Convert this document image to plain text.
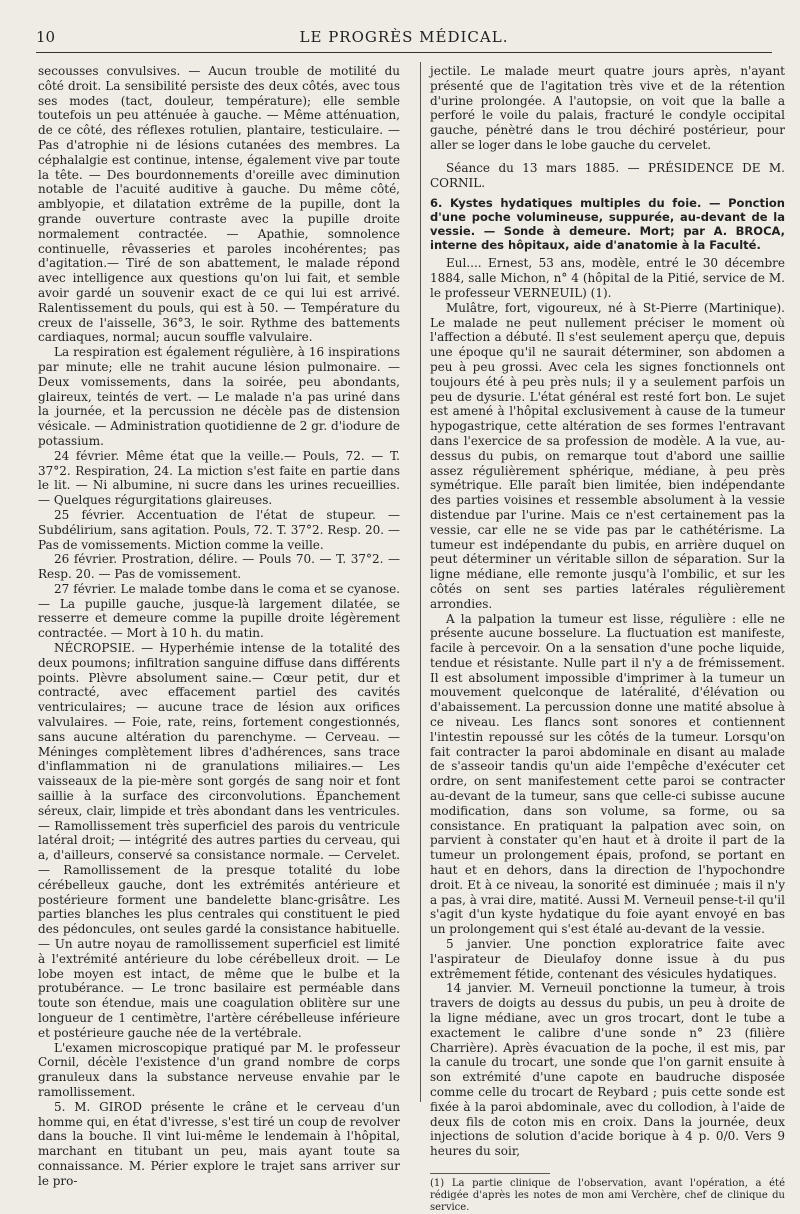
10	LE PROGRÈS MÉDICAL.

secousses convulsives. — Aucun trouble de motilité du côté droit. La sensibilité persiste des deux côtés, avec tous ses modes (tact, douleur, température); elle semble toutefois un peu atténuée à gauche. — Même atténuation, de ce côté, des réflexes rotulien, plantaire, testiculaire. — Pas d'atrophie ni de lésions cutanées des membres. La céphalalgie est continue, intense, également vive par toute la tête. — Des bourdonnements d'oreille avec diminution notable de l'acuité auditive à gauche. Du même côté, amblyopie, et dilatation extrême de la pupille, dont la grande ouverture contraste avec la pupille droite normalement contractée. — Apathie, somnolence continuelle, rêvasseries et paroles incohérentes; pas d'agitation.— Tiré de son abattement, le malade répond avec intelligence aux questions qu'on lui fait, et semble avoir gardé un souvenir exact de ce qui lui est arrivé. Ralentissement du pouls, qui est à 50. — Température du creux de l'aisselle, 36°3, le soir. Rythme des battements cardiaques, normal; aucun souffle valvulaire.

La respiration est également régulière, à 16 inspirations par minute; elle ne trahit aucune lésion pulmonaire. — Deux vomissements, dans la soirée, peu abondants, glaireux, teintés de vert. — Le malade n'a pas uriné dans la journée, et la percussion ne décèle pas de distension vésicale. — Administration quotidienne de 2 gr. d'iodure de potassium.

24 février. Même état que la veille.— Pouls, 72. — T. 37°2. Respiration, 24. La miction s'est faite en partie dans le lit. — Ni albumine, ni sucre dans les urines recueillies. — Quelques régurgitations glaireuses.

25 février. Accentuation de l'état de stupeur. — Subdélirium, sans agitation. Pouls, 72. T. 37°2. Resp. 20. — Pas de vomissements. Miction comme la veille.

26 février. Prostration, délire. — Pouls 70. — T. 37°2. — Resp. 20. — Pas de vomissement.

27 février. Le malade tombe dans le coma et se cyanose. — La pupille gauche, jusque-là largement dilatée, se resserre et demeure comme la pupille droite légèrement contractée. — Mort à 10 h. du matin.

NÉCROPSIE. — Hyperhémie intense de la totalité des deux poumons; infiltration sanguine diffuse dans différents points. Plèvre absolument saine.— Cœur petit, dur et contracté, avec effacement partiel des cavités ventriculaires; — aucune trace de lésion aux orifices valvulaires. — Foie, rate, reins, fortement congestionnés, sans aucune altération du parenchyme. — Cerveau. — Méninges complètement libres d'adhérences, sans trace d'inflammation ni de granulations miliaires.— Les vaisseaux de la pie-mère sont gorgés de sang noir et font saillie à la surface des circonvolutions. Épanchement séreux, clair, limpide et très abondant dans les ventricules. — Ramollissement très superficiel des parois du ventricule latéral droit; — intégrité des autres parties du cerveau, qui a, d'ailleurs, conservé sa consistance normale. — Cervelet.— Ramollissement de la presque totalité du lobe cérébelleux gauche, dont les extrémités antérieure et postérieure forment une bandelette blanc-grisâtre. Les parties blanches les plus centrales qui constituent le pied des pédoncules, ont seules gardé la consistance habituelle. — Un autre noyau de ramollissement superficiel est limité à l'extrémité antérieure du lobe cérébelleux droit. — Le lobe moyen est intact, de même que le bulbe et la protubérance. — Le tronc basilaire est perméable dans toute son étendue, mais une coagulation oblitère sur une longueur de 1 centimètre, l'artère cérébelleuse inférieure et postérieure gauche née de la vertébrale.

L'examen microscopique pratiqué par M. le professeur Cornil, décèle l'existence d'un grand nombre de corps granuleux dans la substance nerveuse envahie par le ramollissement.

5. M. GIROD présente le crâne et le cerveau d'un homme qui, en état d'ivresse, s'est tiré un coup de revolver dans la bouche. Il vint lui-même le lendemain à l'hôpital, marchant en titubant un peu, mais ayant toute sa connaissance. M. Périer explore le trajet sans arriver sur le pro-

jectile. Le malade meurt quatre jours après, n'ayant présenté que de l'agitation très vive et de la rétention d'urine prolongée. A l'autopsie, on voit que la balle a perforé le voile du palais, fracturé le condyle occipital gauche, pénètré dans le trou déchiré postérieur, pour aller se loger dans le lobe gauche du cervelet.

Séance du 13 mars 1885. — PRÉSIDENCE DE M. CORNIL.

6. Kystes hydatiques multiples du foie. — Ponction d'une poche volumineuse, suppurée, au-devant de la vessie. — Sonde à demeure. Mort; par A. BROCA, interne des hôpitaux, aide d'anatomie à la Faculté.

Eul.... Ernest, 53 ans, modèle, entré le 30 décembre 1884, salle Michon, n° 4 (hôpital de la Pitié, service de M. le professeur VERNEUIL) (1).

Mulâtre, fort, vigoureux, né à St-Pierre (Martinique). Le malade ne peut nullement préciser le moment où l'affection a débuté. Il s'est seulement aperçu que, depuis une époque qu'il ne saurait déterminer, son abdomen a peu à peu grossi. Avec cela les signes fonctionnels ont toujours été à peu près nuls; il y a seulement parfois un peu de dysurie. L'état général est resté fort bon. Le sujet est amené à l'hôpital exclusivement à cause de la tumeur hypogastrique, cette altération de ses formes l'entravant dans l'exercice de sa profession de modèle. A la vue, au-dessus du pubis, on remarque tout d'abord une saillie assez régulièrement sphérique, médiane, à peu près symétrique. Elle paraît bien limitée, bien indépendante des parties voisines et ressemble absolument à la vessie distendue par l'urine. Mais ce n'est certainement pas la vessie, car elle ne se vide pas par le cathétérisme. La tumeur est indépendante du pubis, en arrière duquel on peut déterminer un véritable sillon de séparation. Sur la ligne médiane, elle remonte jusqu'à l'ombilic, et sur les côtés on sent ses parties latérales régulièrement arrondies.

A la palpation la tumeur est lisse, régulière : elle ne présente aucune bosselure. La fluctuation est manifeste, facile à percevoir. On a la sensation d'une poche liquide, tendue et résistante. Nulle part il n'y a de frémissement. Il est absolument impossible d'imprimer à la tumeur un mouvement quelconque de latéralité, d'élévation ou d'abaissement. La percussion donne une matité absolue à ce niveau. Les flancs sont sonores et contiennent l'intestin repoussé sur les côtés de la tumeur. Lorsqu'on fait contracter la paroi abdominale en disant au malade de s'asseoir tandis qu'un aide l'empêche d'exécuter cet ordre, on sent manifestement cette paroi se contracter au-devant de la tumeur, sans que celle-ci subisse aucune modification, dans son volume, sa forme, ou sa consistance. En pratiquant la palpation avec soin, on parvient à constater qu'en haut et à droite il part de la tumeur un prolongement épais, profond, se portant en haut et en dehors, dans la direction de l'hypochondre droit. Et à ce niveau, la sonorité est diminuée ; mais il n'y a pas, à vrai dire, matité. Aussi M. Verneuil pense-t-il qu'il s'agit d'un kyste hydatique du foie ayant envoyé en bas un prolongement qui s'est étalé au-devant de la vessie.

5 janvier. Une ponction exploratrice faite avec l'aspirateur de Dieulafoy donne issue à du pus extrêmement fétide, contenant des vésicules hydatiques.

14 janvier. M. Verneuil ponctionne la tumeur, à trois travers de doigts au dessus du pubis, un peu à droite de la ligne médiane, avec un gros trocart, dont le tube a exactement le calibre d'une sonde n° 23 (filière Charrière). Après évacuation de la poche, il est mis, par la canule du trocart, une sonde que l'on garnit ensuite à son extrémité d'une capote en baudruche disposée comme celle du trocart de Reybard ; puis cette sonde est fixée à la paroi abdominale, avec du collodion, à l'aide de deux fils de coton mis en croix. Dans la journée, deux injections de solution d'acide borique à 4 p. 0/0. Vers 9 heures du soir,

(1) La partie clinique de l'observation, avant l'opération, a été rédigée d'après les notes de mon ami Verchère, chef de clinique du service.
